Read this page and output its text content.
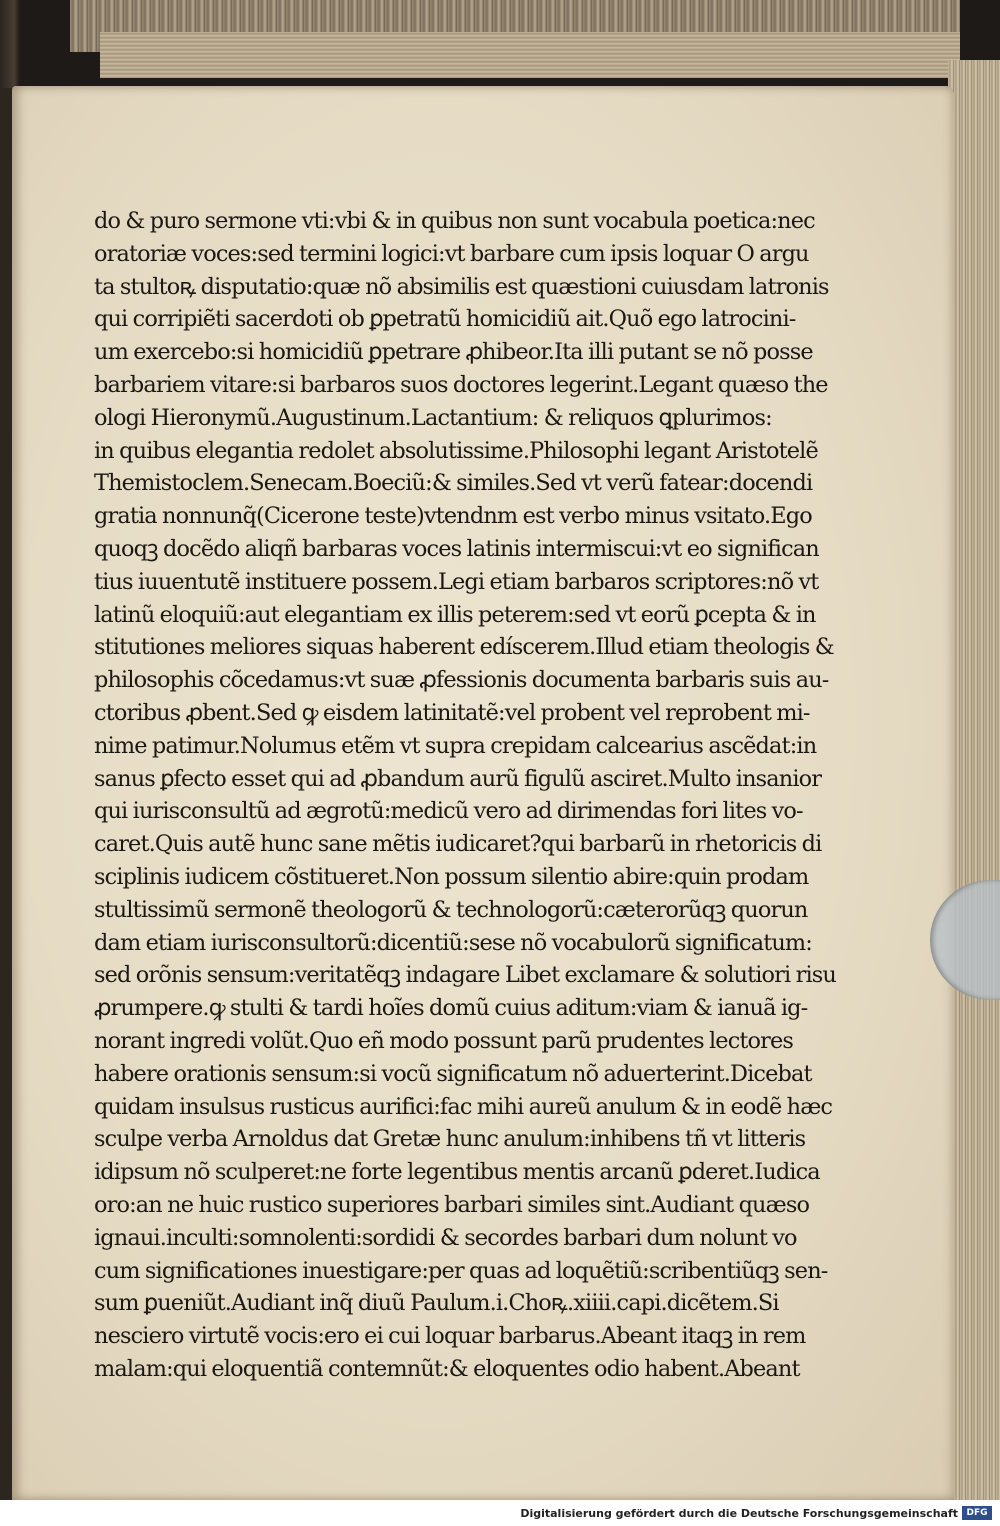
do & puro sermone vti:vbi & in quibus non sunt vocabula poetica:nec
oratoriæ voces:sed termini logici:vt barbare cum ipsis loquar O argu
ta stultoꝶ disputatio:quæ nõ absimilis est quæstioni cuiusdam latronis
qui corripiẽti sacerdoti ob ꝑpetratũ homicidiũ ait.Quõ ego latrocini-
um exercebo:si homicidiũ ꝑpetrare ꝓhibeor.Ita illi putant se nõ posse
barbariem vitare:si barbaros suos doctores legerint.Legant quæso the
ologi Hieronymũ.Augustinum.Lactantium: & reliquos ꝗplurimos:
in quibus elegantia redolet absolutissime.Philosophi legant Aristotelẽ
Themistoclem.Senecam.Boeciũ:& similes.Sed vt verũ fatear:docendi
gratia nonnunq̃(Cicerone teste)vtendnm est verbo minus vsitato.Ego
quoqꝫ docẽdo aliqñ barbaras voces latinis intermiscui:vt eo significan
tius iuuentutẽ instituere possem.Legi etiam barbaros scriptores:nõ vt
latinũ eloquiũ:aut elegantiam ex illis peterem:sed vt eorũ ꝑcepta & in
stitutiones meliores siquas haberent edíscerem.Illud etiam theologis &
philosophis cõcedamus:vt suæ ꝓfessionis documenta barbaris suis au-
ctoribus ꝓbent.Sed ꝙ eisdem latinitatẽ:vel probent vel reprobent mi-
nime patimur.Nolumus etẽm vt supra crepidam calcearius ascẽdat:in
sanus ꝑfecto esset qui ad ꝓbandum aurũ figulũ asciret.Multo insanior
qui iurisconsultũ ad ægrotũ:medicũ vero ad dirimendas fori lites vo-
caret.Quis autẽ hunc sane mẽtis iudicaret?qui barbarũ in rhetoricis di
sciplinis iudicem cõstitueret.Non possum silentio abire:quin prodam
stultissimũ sermonẽ theologorũ & technologorũ:cæterorũqꝫ quorun
dam etiam iurisconsultorũ:dicentiũ:sese nõ vocabulorũ significatum:
sed orõnis sensum:veritatẽqꝫ indagare Libet exclamare & solutiori risu
ꝓrumpere.ꝙ stulti & tardi hoĩes domũ cuius aditum:viam & ianuã ig-
norant ingredi volũt.Quo eñ modo possunt parũ prudentes lectores
habere orationis sensum:si vocũ significatum nõ aduerterint.Dicebat
quidam insulsus rusticus aurifici:fac mihi aureũ anulum & in eodẽ hæc
sculpe verba Arnoldus dat Gretæ hunc anulum:inhibens tñ vt litteris
idipsum nõ sculperet:ne forte legentibus mentis arcanũ ꝑderet.Iudica
oro:an ne huic rustico superiores barbari similes sint.Audiant quæso
ignaui.inculti:somnolenti:sordidi & secordes barbari dum nolunt vo
cum significationes inuestigare:per quas ad loquẽtiũ:scribentiũqꝫ sen-
sum ꝑueniũt.Audiant inq̃ diuũ Paulum.i.Choꝶ.xiiii.capi.dicẽtem.Si
nesciero virtutẽ vocis:ero ei cui loquar barbarus.Abeant itaqꝫ in rem
malam:qui eloquentiã contemnũt:& eloquentes odio habent.Abeant
Digitalisierung gefördert durch die Deutsche Forschungsgemeinschaft DFG
